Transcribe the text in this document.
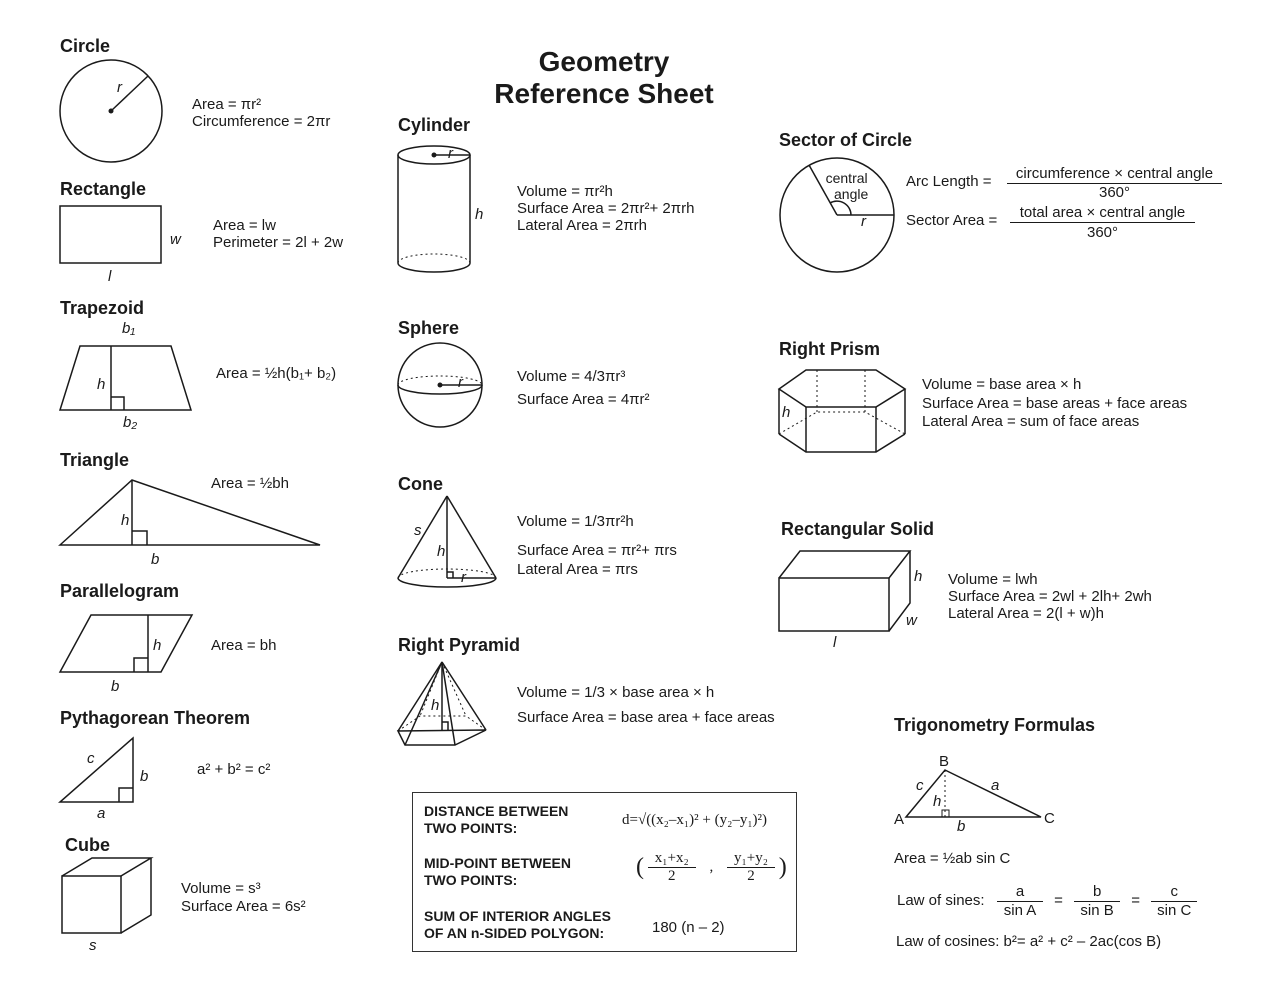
Geometry
Reference Sheet
Circle
r
Area = πr²
Circumference = 2πr
Rectangle
w
l
Area = lw
Perimeter = 2l + 2w
Trapezoid
b₁
h
b₂
Area = ½h(b₁+ b₂)
Triangle
h
b
Area = ½bh
Parallelogram
h
b
Area = bh
Pythagorean Theorem
c
b
a
a² + b² = c²
Cube
s
Volume = s³
Surface Area = 6s²
Cylinder
r
h
Volume = πr²h
Surface Area = 2πr²+ 2πrh
Lateral Area = 2πrh
Sphere
r	Volume = 4/3πr³
Surface Area = 4πr²
Cone
s
h
r
Volume = 1/3πr²h
Surface Area = πr²+ πrs
Lateral Area = πrs
Right Pyramid
h
Volume = 1/3 × base area × h
Surface Area = base area + face areas
Sector of Circle
central
angle
r
Arc Length =	circumference × central angle
360°
Sector Area =	total area × central angle
360°
Right Prism
h
Volume = base area × h
Surface Area = base areas + face areas
Lateral Area = sum of face areas
Rectangular Solid
h
w
l
Volume = lwh
Surface Area = 2wl + 2lh+ 2wh
Lateral Area = 2(l + w)h
Trigonometry Formulas
B
c	a
h
A	b	C
Area = ½ab sin C
Law of sines: $\frac{a}{\text{sin A}} = \frac{b}{\text{sin B}} = \frac{c}{\text{sin C}}$
Law of cosines: b²= a² + c² – 2ac(cos B)
DISTANCE BETWEEN
TWO POINTS:	d=√((x₂–x₁)² + (y₂–y₁)²)
MID-POINT BETWEEN
TWO POINTS:	( $\frac{\text{x₁+x₂}}{2}$ , $\frac{\text{y₁+y₂}}{2}$ )
SUM OF INTERIOR ANGLES
OF AN n-SIDED POLYGON:	180 (n – 2)
